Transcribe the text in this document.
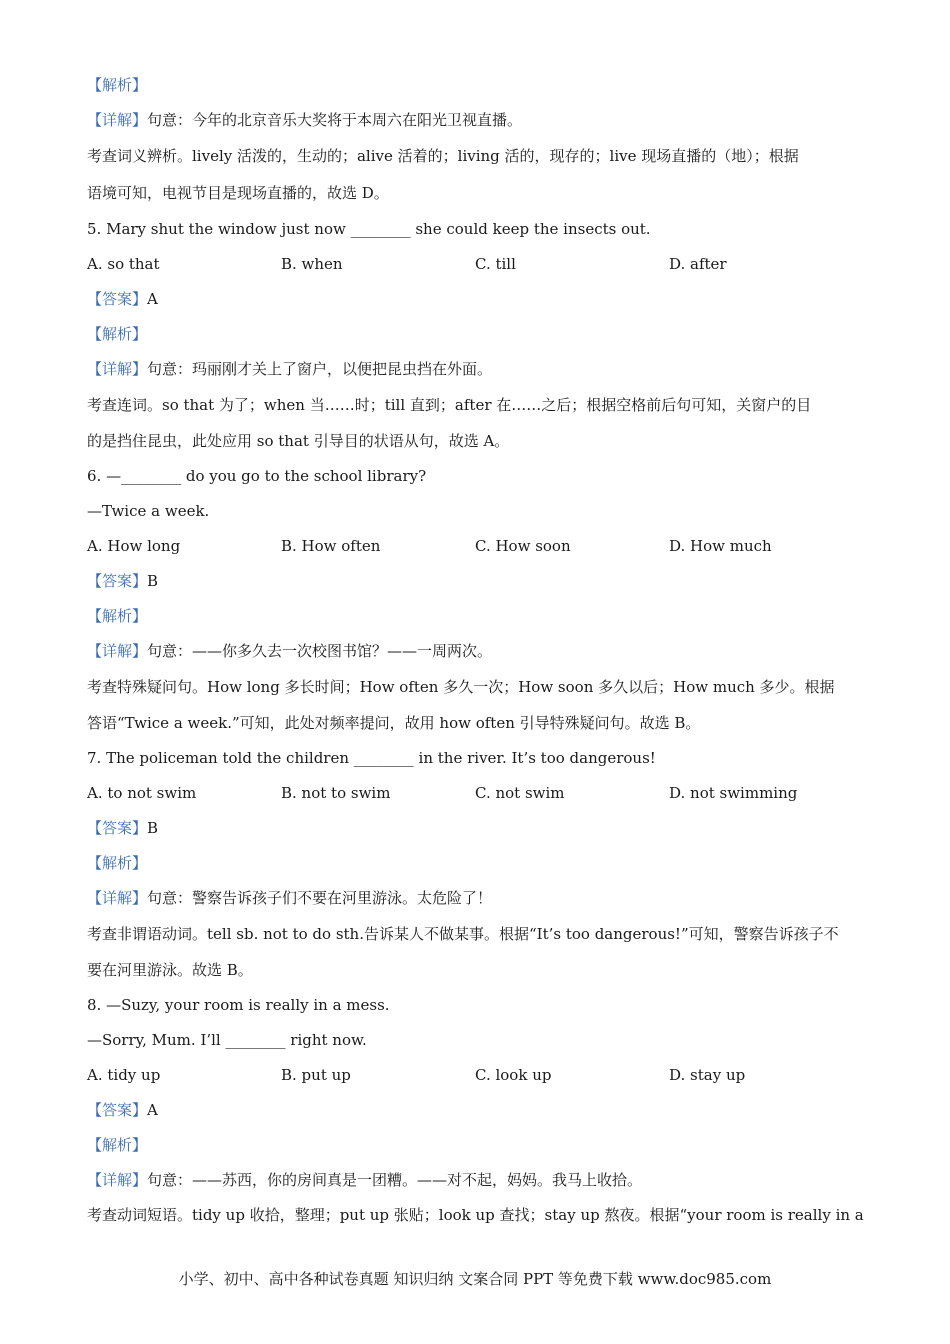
【解析】
【详解】句意：今年的北京音乐大奖将于本周六在阳光卫视直播。
考查词义辨析。lively 活泼的，生动的；alive 活着的；living 活的，现存的；live 现场直播的（地）；根据
语境可知，电视节目是现场直播的，故选 D。
5. Mary shut the window just now ________ she could keep the insects out.
A. so that	B. when	C. till	D. after
【答案】A
【解析】
【详解】句意：玛丽刚才关上了窗户，以便把昆虫挡在外面。
考查连词。so that 为了；when 当……时；till 直到；after 在……之后；根据空格前后句可知，关窗户的目
的是挡住昆虫，此处应用 so that 引导目的状语从句，故选 A。
6. —________ do you go to the school library?
—Twice a week.
A. How long	B. How often	C. How soon	D. How much
【答案】B
【解析】
【详解】句意：——你多久去一次校图书馆？——一周两次。
考查特殊疑问句。How long 多长时间；How often 多久一次；How soon 多久以后；How much 多少。根据
答语“Twice a week.”可知，此处对频率提问，故用 how often 引导特殊疑问句。故选 B。
7. The policeman told the children ________ in the river. It’s too dangerous!
A. to not swim	B. not to swim	C. not swim	D. not swimming
【答案】B
【解析】
【详解】句意：警察告诉孩子们不要在河里游泳。太危险了！
考查非谓语动词。tell sb. not to do sth.告诉某人不做某事。根据“It’s too dangerous!”可知，警察告诉孩子不
要在河里游泳。故选 B。
8. —Suzy, your room is really in a mess.
—Sorry, Mum. I’ll ________ right now.
A. tidy up	B. put up	C. look up	D. stay up
【答案】A
【解析】
【详解】句意：——苏西，你的房间真是一团糟。——对不起，妈妈。我马上收拾。
考查动词短语。tidy up 收拾，整理；put up 张贴；look up 查找；stay up 熬夜。根据“your room is really in a
小学、初中、高中各种试卷真题 知识归纳 文案合同 PPT 等免费下载 www.doc985.com
